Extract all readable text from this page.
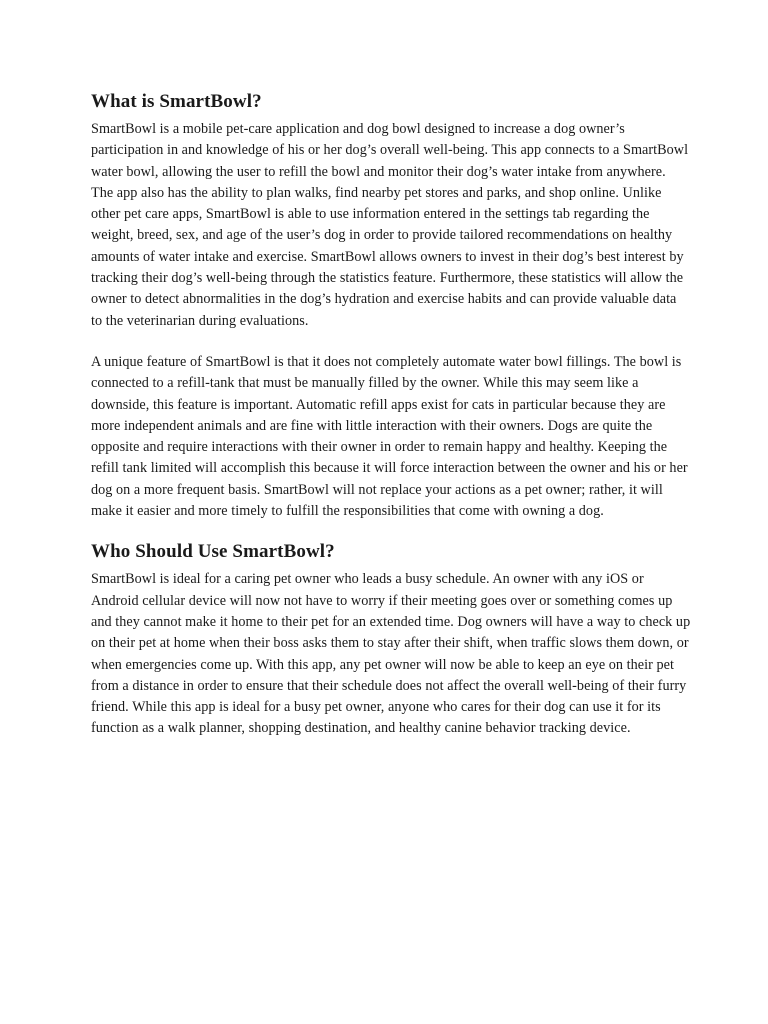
What is SmartBowl?

SmartBowl is a mobile pet-care application and dog bowl designed to increase a dog owner’s participation in and knowledge of his or her dog’s overall well-being. This app connects to a SmartBowl water bowl, allowing the user to refill the bowl and monitor their dog’s water intake from anywhere. The app also has the ability to plan walks, find nearby pet stores and parks, and shop online. Unlike other pet care apps, SmartBowl is able to use information entered in the settings tab regarding the weight, breed, sex, and age of the user’s dog in order to provide tailored recommendations on healthy amounts of water intake and exercise. SmartBowl allows owners to invest in their dog’s best interest by tracking their dog’s well-being through the statistics feature. Furthermore, these statistics will allow the owner to detect abnormalities in the dog’s hydration and exercise habits and can provide valuable data to the veterinarian during evaluations.

A unique feature of SmartBowl is that it does not completely automate water bowl fillings. The bowl is connected to a refill-tank that must be manually filled by the owner. While this may seem like a downside, this feature is important. Automatic refill apps exist for cats in particular because they are more independent animals and are fine with little interaction with their owners. Dogs are quite the opposite and require interactions with their owner in order to remain happy and healthy. Keeping the refill tank limited will accomplish this because it will force interaction between the owner and his or her dog on a more frequent basis. SmartBowl will not replace your actions as a pet owner; rather, it will make it easier and more timely to fulfill the responsibilities that come with owning a dog.

Who Should Use SmartBowl?

SmartBowl is ideal for a caring pet owner who leads a busy schedule. An owner with any iOS or Android cellular device will now not have to worry if their meeting goes over or something comes up and they cannot make it home to their pet for an extended time. Dog owners will have a way to check up on their pet at home when their boss asks them to stay after their shift, when traffic slows them down, or when emergencies come up. With this app, any pet owner will now be able to keep an eye on their pet from a distance in order to ensure that their schedule does not affect the overall well-being of their furry friend. While this app is ideal for a busy pet owner, anyone who cares for their dog can use it for its function as a walk planner, shopping destination, and healthy canine behavior tracking device.
